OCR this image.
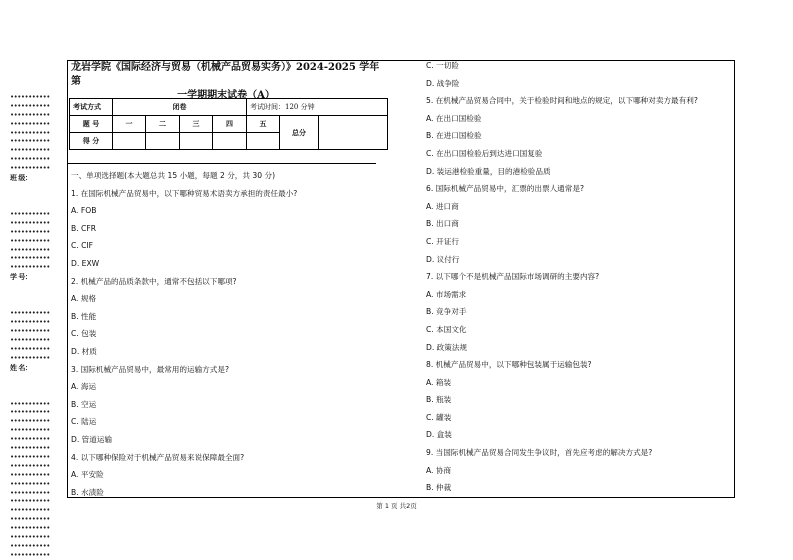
•••••••••••
•••••••••••
•••••••••••
•••••••••••
•••••••••••
•••••••••••
•••••••••••
•••••••••••
•••••••••••
班 级：
•••••••••••
•••••••••••
•••••••••••
•••••••••••
•••••••••••
•••••••••••
•••••••••••
学 号：
•••••••••••
•••••••••••
•••••••••••
•••••••••••
•••••••••••
•••••••••••
姓 名：
•••••••••••
•••••••••••
•••••••••••
•••••••••••
•••••••••••
•••••••••••
•••••••••••
•••••••••••
•••••••••••
•••••••••••
•••••••••••
•••••••••••
•••••••••••
•••••••••••
•••••••••••
•••••••••••
•••••••••••
•••••••••••
龙岩学院《国际经济与贸易（机械产品贸易实务）》2024-2025 学年第
一学期期末试卷（A）
考试方式	闭卷				考试时间：120 分钟		
题 号	一	二	三	四	五	总分	
得 分							
一、单项选择题(本大题总共 15 小题，每题 2 分，共 30 分)
1. 在国际机械产品贸易中，以下哪种贸易术语卖方承担的责任最小?
A. FOB
B. CFR
C. CIF
D. EXW
2. 机械产品的品质条款中，通常不包括以下哪项?
A. 规格
B. 性能
C. 包装
D. 材质
3. 国际机械产品贸易中，最常用的运输方式是?
A. 海运
B. 空运
C. 陆运
D. 管道运输
4. 以下哪种保险对于机械产品贸易来说保障最全面?
A. 平安险
B. 水渍险
C. 一切险
D. 战争险
5. 在机械产品贸易合同中，关于检验时间和地点的规定，以下哪种对卖方最有利?
A. 在出口国检验
B. 在进口国检验
C. 在出口国检验后到达进口国复验
D. 装运港检验重量，目的港检验品质
6. 国际机械产品贸易中，汇票的出票人通常是?
A. 进口商
B. 出口商
C. 开证行
D. 议付行
7. 以下哪个不是机械产品国际市场调研的主要内容?
A. 市场需求
B. 竞争对手
C. 本国文化
D. 政策法规
8. 机械产品贸易中，以下哪种包装属于运输包装?
A. 箱装
B. 瓶装
C. 罐装
D. 盒装
9. 当国际机械产品贸易合同发生争议时，首先应考虑的解决方式是?
A. 协商
B. 仲裁
第 1 页 共2页
